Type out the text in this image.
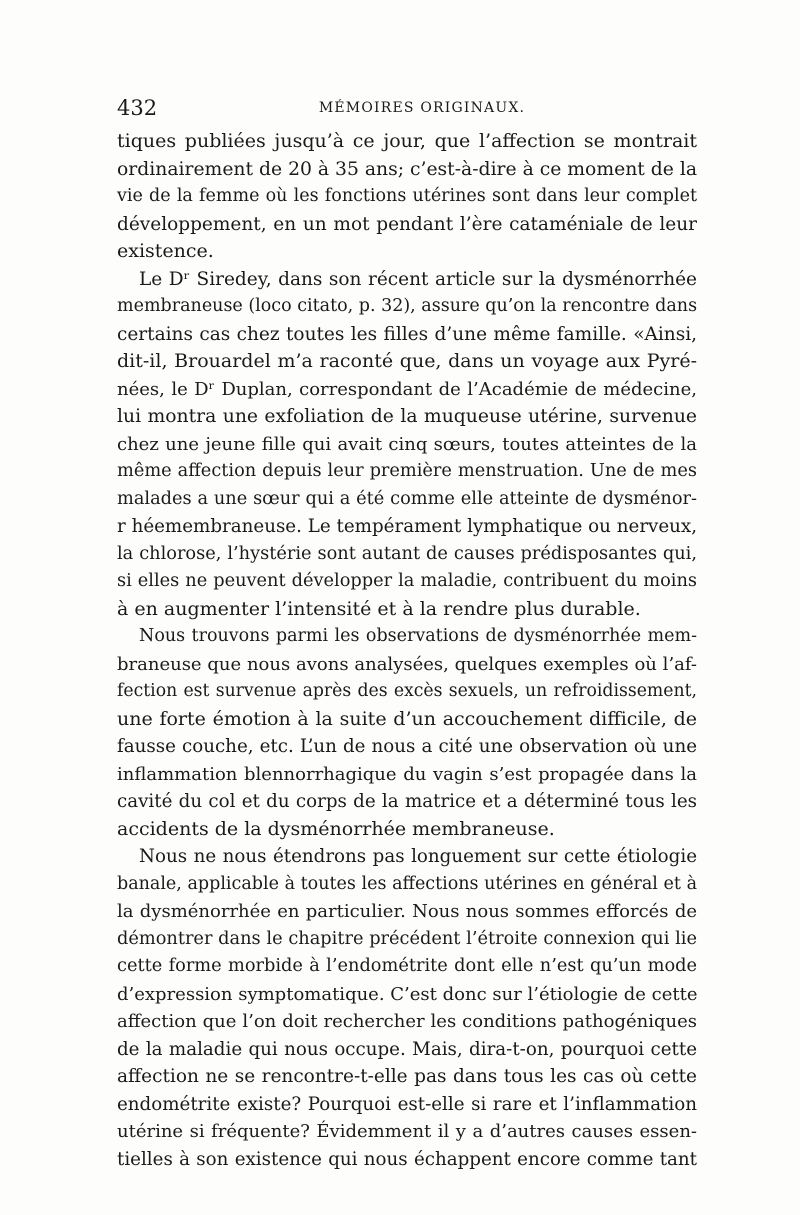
432	MÉMOIRES ORIGINAUX.
tiques publiées jusqu’à ce jour, que l’affection se montrait
ordinairement de 20 à 35 ans; c’est-à-dire à ce moment de la
vie de la femme où les fonctions utérines sont dans leur complet
développement, en un mot pendant l’ère cataméniale de leur
existence.
Le Dʳ Siredey, dans son récent article sur la dysménorrhée
membraneuse (loco citato, p. 32), assure qu’on la rencontre dans
certains cas chez toutes les filles d’une même famille. «Ainsi,
dit-il, Brouardel m’a raconté que, dans un voyage aux Pyré-
nées, le Dʳ Duplan, correspondant de l’Académie de médecine,
lui montra une exfoliation de la muqueuse utérine, survenue
chez une jeune fille qui avait cinq sœurs, toutes atteintes de la
même affection depuis leur première menstruation. Une de mes
malades a une sœur qui a été comme elle atteinte de dysménor-
r héemembraneuse. Le tempérament lymphatique ou nerveux,
la chlorose, l’hystérie sont autant de causes prédisposantes qui,
si elles ne peuvent développer la maladie, contribuent du moins
à en augmenter l’intensité et à la rendre plus durable.
Nous trouvons parmi les observations de dysménorrhée mem-
braneuse que nous avons analysées, quelques exemples où l’af-
fection est survenue après des excès sexuels, un refroidissement,
une forte émotion à la suite d’un accouchement difficile, de
fausse couche, etc. L’un de nous a cité une observation où une
inflammation blennorrhagique du vagin s’est propagée dans la
cavité du col et du corps de la matrice et a déterminé tous les
accidents de la dysménorrhée membraneuse.
Nous ne nous étendrons pas longuement sur cette étiologie
banale, applicable à toutes les affections utérines en général et à
la dysménorrhée en particulier. Nous nous sommes efforcés de
démontrer dans le chapitre précédent l’étroite connexion qui lie
cette forme morbide à l’endométrite dont elle n’est qu’un mode
d’expression symptomatique. C’est donc sur l’étiologie de cette
affection que l’on doit rechercher les conditions pathogéniques
de la maladie qui nous occupe. Mais, dira-t-on, pourquoi cette
affection ne se rencontre-t-elle pas dans tous les cas où cette
endométrite existe? Pourquoi est-elle si rare et l’inflammation
utérine si fréquente? Évidemment il y a d’autres causes essen-
tielles à son existence qui nous échappent encore comme tant
